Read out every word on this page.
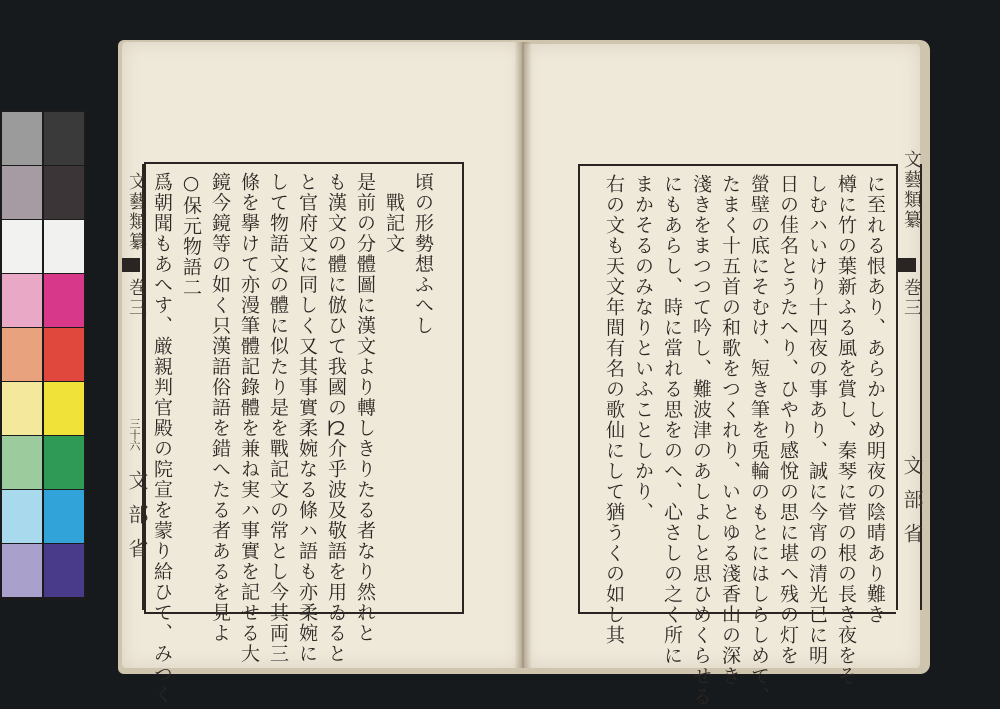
文藝類纂
巻三
三十六
文部省
頃の形勢想ふへし
　戰記文
是前の分體圖に漢文より轉しきりたる者なり然れと
も漢文の體に倣ひて我國の𛀁介乎波及敬語を用ゐると
と官府文に同しく又其事實柔婉なる條ハ語も亦柔婉に
して物語文の體に似たり是を戰記文の常とし今其両三
條を擧けて亦漫筆體記錄體を兼ね実ハ事實を記せる大
鏡今鏡等の如く只漢語俗語を錯へたる者あるを見よ
○保元物語二
爲朝聞もあへす、厳親判官殿の院宣を蒙り給ひて、みつく	に至れる恨あり、あらかしめ明夜の陰晴あり難き
樽に竹の葉新ふる風を賞し、秦琴に菅の根の長き夜をそ
しむハいけり十四夜の事あり、誠に今宵の清光已に明
日の佳名とうたへり、ひやり感悅の思に堪へ残の灯を
螢壁の底にそむけ、短き筆を兎輪のもとにはしらしめて、
たまく十五首の和歌をつくれり、いとゆる淺香山の深き
淺きをまつつて吟し、難波津のあしよしと思ひめくらせる
にもあらし、時に當れる思をのへ、心さしの之く所に
まかそるのみなりといふことしかり、
右の文も天文年間有名の歌仙にして猶うくの如し其	文藝類纂
巻三
文部省
